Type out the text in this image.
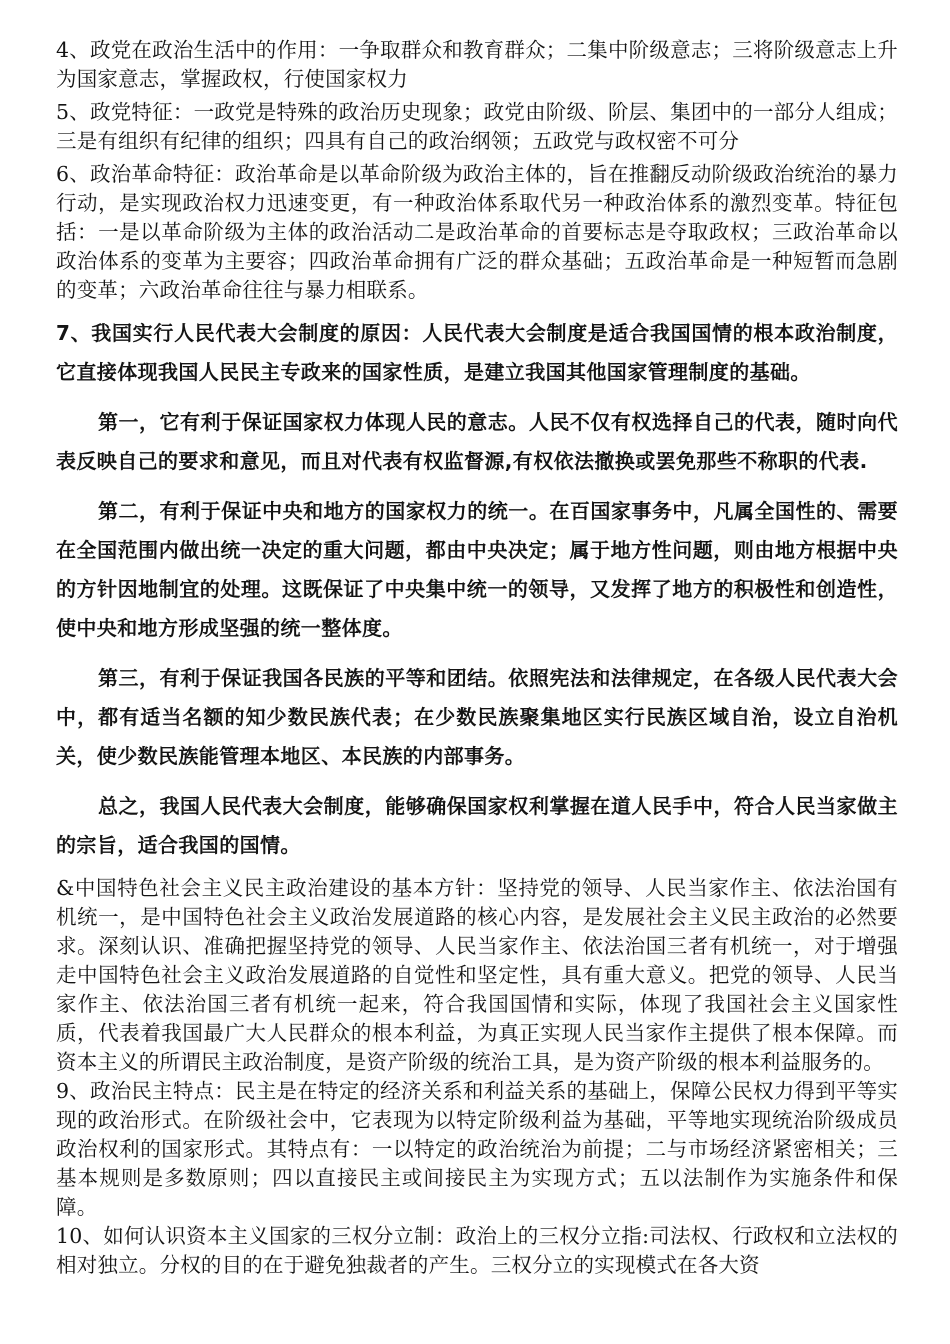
4、政党在政治生活中的作用：一争取群众和教育群众；二集中阶级意志；三将阶级意志上升为国家意志，掌握政权，行使国家权力

5、政党特征：一政党是特殊的政治历史现象；政党由阶级、阶层、集团中的一部分人组成；三是有组织有纪律的组织；四具有自己的政治纲领；五政党与政权密不可分

6、政治革命特征：政治革命是以革命阶级为政治主体的，旨在推翻反动阶级政治统治的暴力行动，是实现政治权力迅速变更，有一种政治体系取代另一种政治体系的激烈变革。特征包括：一是以革命阶级为主体的政治活动二是政治革命的首要标志是夺取政权；三政治革命以政治体系的变革为主要容；四政治革命拥有广泛的群众基础；五政治革命是一种短暂而急剧的变革；六政治革命往往与暴力相联系。

7、我国实行人民代表大会制度的原因：人民代表大会制度是适合我国国情的根本政治制度，它直接体现我国人民民主专政来的国家性质，是建立我国其他国家管理制度的基础。

第一，它有利于保证国家权力体现人民的意志。人民不仅有权选择自己的代表，随时向代表反映自己的要求和意见，而且对代表有权监督源,有权依法撤换或罢免那些不称职的代表.

第二，有利于保证中央和地方的国家权力的统一。在百国家事务中，凡属全国性的、需要在全国范围内做出统一决定的重大问题，都由中央决定；属于地方性问题，则由地方根据中央的方针因地制宜的处理。这既保证了中央集中统一的领导，又发挥了地方的积极性和创造性，使中央和地方形成坚强的统一整体度。

第三，有利于保证我国各民族的平等和团结。依照宪法和法律规定，在各级人民代表大会中，都有适当名额的知少数民族代表；在少数民族聚集地区实行民族区域自治，设立自治机关，使少数民族能管理本地区、本民族的内部事务。

总之，我国人民代表大会制度，能够确保国家权利掌握在道人民手中，符合人民当家做主的宗旨，适合我国的国情。

&中国特色社会主义民主政治建设的基本方针：坚持党的领导、人民当家作主、依法治国有机统一，是中国特色社会主义政治发展道路的核心内容，是发展社会主义民主政治的必然要求。深刻认识、准确把握坚持党的领导、人民当家作主、依法治国三者有机统一，对于增强走中国特色社会主义政治发展道路的自觉性和坚定性，具有重大意义。把党的领导、人民当家作主、依法治国三者有机统一起来，符合我国国情和实际，体现了我国社会主义国家性质，代表着我国最广大人民群众的根本利益，为真正实现人民当家作主提供了根本保障。而资本主义的所谓民主政治制度，是资产阶级的统治工具，是为资产阶级的根本利益服务的。

9、政治民主特点：民主是在特定的经济关系和利益关系的基础上，保障公民权力得到平等实现的政治形式。在阶级社会中，它表现为以特定阶级利益为基础，平等地实现统治阶级成员政治权利的国家形式。其特点有：一以特定的政治统治为前提；二与市场经济紧密相关；三基本规则是多数原则；四以直接民主或间接民主为实现方式；五以法制作为实施条件和保障。

10、如何认识资本主义国家的三权分立制：政治上的三权分立指:司法权、行政权和立法权的相对独立。分权的目的在于避免独裁者的产生。三权分立的实现模式在各大资
